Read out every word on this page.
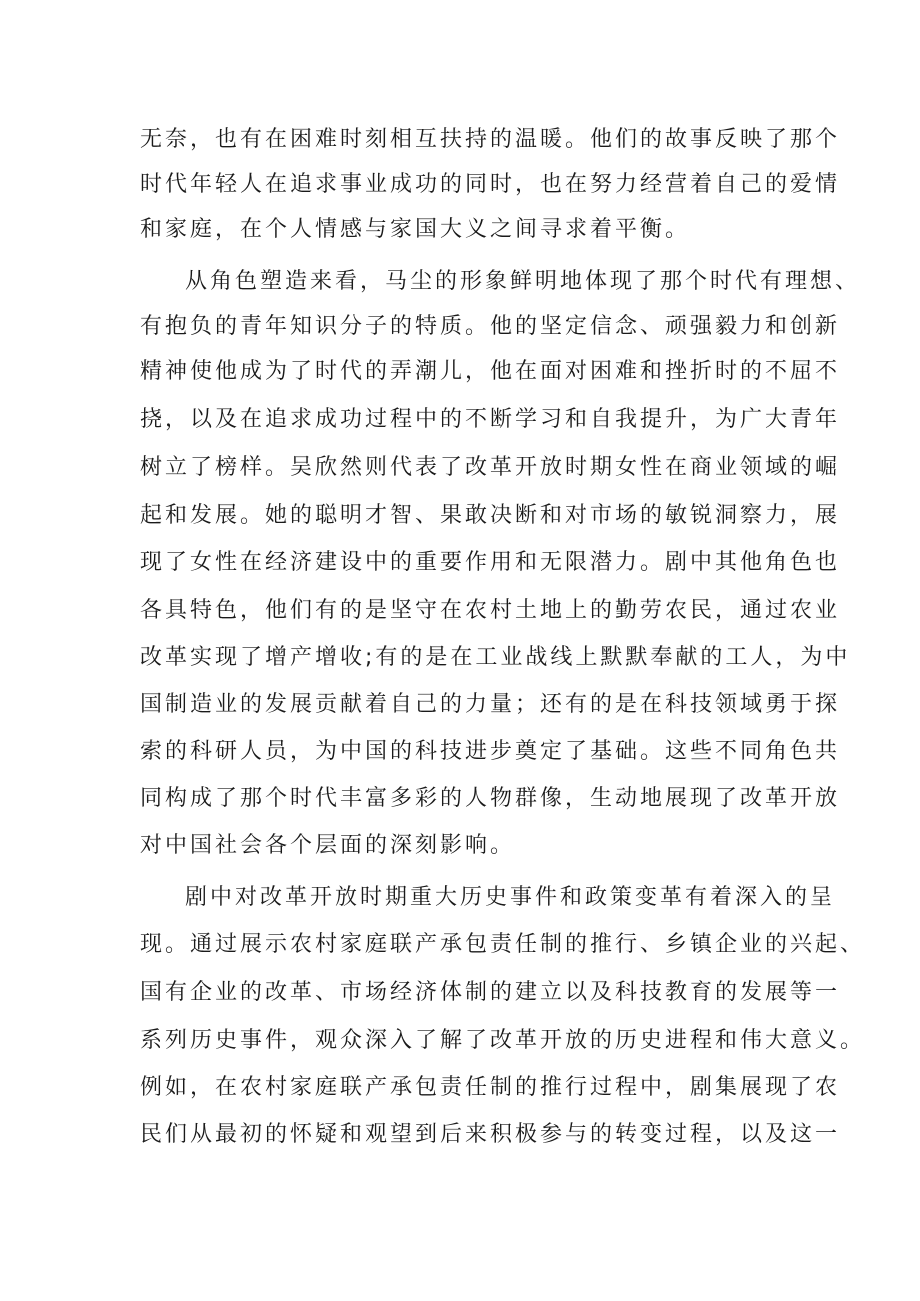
无奈，也有在困难时刻相互扶持的温暖。他们的故事反映了那个
时代年轻人在追求事业成功的同时，也在努力经营着自己的爱情
和家庭，在个人情感与家国大义之间寻求着平衡。
从角色塑造来看，马尘的形象鲜明地体现了那个时代有理想、
有抱负的青年知识分子的特质。他的坚定信念、顽强毅力和创新
精神使他成为了时代的弄潮儿，他在面对困难和挫折时的不屈不
挠，以及在追求成功过程中的不断学习和自我提升，为广大青年
树立了榜样。吴欣然则代表了改革开放时期女性在商业领域的崛
起和发展。她的聪明才智、果敢决断和对市场的敏锐洞察力，展
现了女性在经济建设中的重要作用和无限潜力。剧中其他角色也
各具特色，他们有的是坚守在农村土地上的勤劳农民，通过农业
改革实现了增产增收;有的是在工业战线上默默奉献的工人，为中
国制造业的发展贡献着自己的力量；还有的是在科技领域勇于探
索的科研人员，为中国的科技进步奠定了基础。这些不同角色共
同构成了那个时代丰富多彩的人物群像，生动地展现了改革开放
对中国社会各个层面的深刻影响。
剧中对改革开放时期重大历史事件和政策变革有着深入的呈
现。通过展示农村家庭联产承包责任制的推行、乡镇企业的兴起、
国有企业的改革、市场经济体制的建立以及科技教育的发展等一
系列历史事件，观众深入了解了改革开放的历史进程和伟大意义。
例如，在农村家庭联产承包责任制的推行过程中，剧集展现了农
民们从最初的怀疑和观望到后来积极参与的转变过程，以及这一
